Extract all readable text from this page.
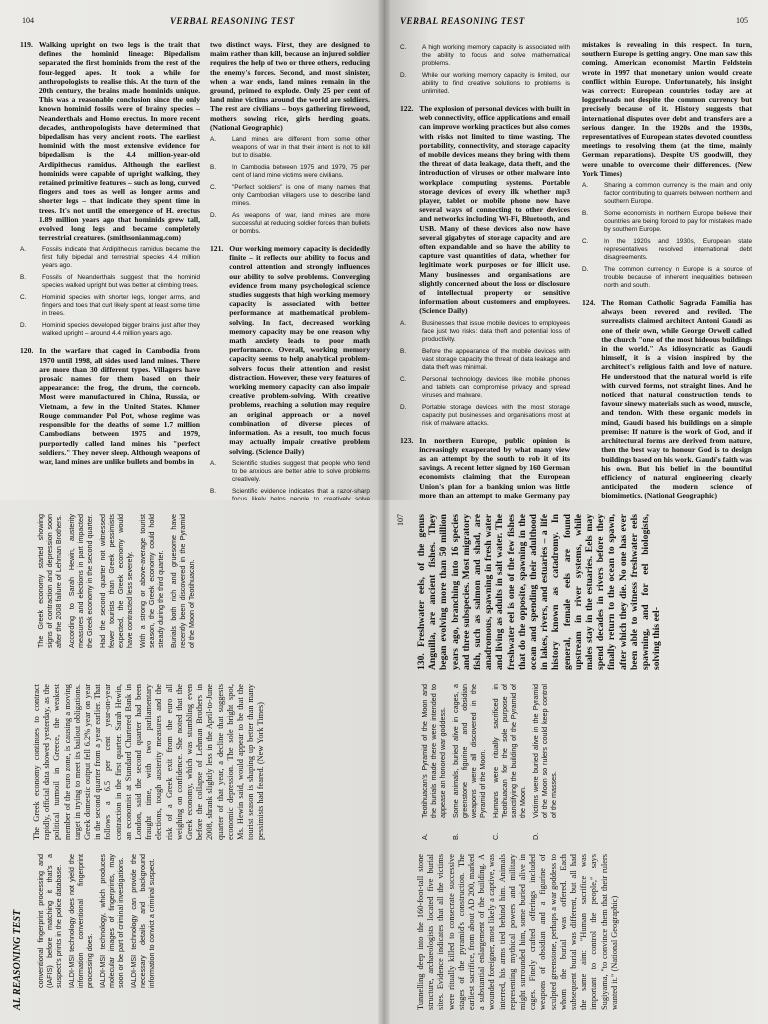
104	VERBAL REASONING TEST
119. Walking upright on two legs is the trait that defines the hominid lineage: Bipedalism separated the first hominids from the rest of the four-legged apes. It took a while for anthropologists to realise this. At the turn of the 20th century, the brains made hominids unique. This was a reasonable conclusion since the only known hominid fossils were of brainy species – Neanderthals and Homo erectus. In more recent decades, anthropologists have determined that bipedalism has very ancient roots. The earliest hominid with the most extensive evidence for bipedalism is the 4.4 million-year-old Ardipithecus ramidus. Although the earliest hominids were capable of upright walking, they retained primitive features – such as long, curved fingers and toes as well as longer arms and shorter legs – that indicate they spent time in trees. It's not until the emergence of H. erectus 1.89 million years ago that hominids grew tall, evolved long legs and became completely terrestrial creatures. (smithsonianmag.com)
A.	Fossils indicate that Ardipithecus ramidus became the first fully bipedal and terrestrial species 4.4 million years ago.
B.	Fossils of Neanderthals suggest that the hominid species walked upright but was better at climbing trees.
C.	Hominid species with shorter legs, longer arms, and fingers and toes that curl likely spent at least some time in trees.
D.	Hominid species developed bigger brains just after they walked upright – around 4.4 million years ago.
120. In the warfare that caged in Cambodia from 1970 until 1998, all sides used land mines. There are more than 30 different types. Villagers have prosaic names for them based on their appearance: the frog, the drum, the corncob. Most were manufactured in China, Russia, or Vietnam, a few in the United States. Khmer Rouge commander Pol Pot, whose regime was responsible for the deaths of some 1.7 million Cambodians between 1975 and 1979, purportedly called land mines his "perfect soldiers." They never sleep. Although weapons of war, land mines are unlike bullets and bombs in
two distinct ways. First, they are designed to maim rather than kill, because an injured soldier requires the help of two or three others, reducing the enemy's forces. Second, and most sinister, when a war ends, land mines remain in the ground, primed to explode. Only 25 per cent of land mine victims around the world are soldiers. The rest are civilians – boys gathering firewood, mothers sowing rice, girls herding goats. (National Geographic)
A.	Land mines are different from some other weapons of war in that their intent is not to kill but to disable.
B.	In Cambodia between 1975 and 1979, 75 per cent of land mine victims were civilians.
C.	"Perfect soldiers" is one of many names that only Cambodian villagers use to describe land mines.
D.	As weapons of war, land mines are more successful at reducing soldier forces than bullets or bombs.
121. Our working memory capacity is decidedly finite – it reflects our ability to focus and control attention and strongly influences our ability to solve problems. Converging evidence from many psychological science studies suggests that high working memory capacity is associated with better performance at mathematical problem-solving. In fact, decreased working memory capacity may be one reason why math anxiety leads to poor math performance. Overall, working memory capacity seems to help analytical problem-solvers focus their attention and resist distraction. However, these very features of working memory capacity can also impair creative problem-solving. With creative problems, reaching a solution may require an original approach or a novel combination of diverse pieces of information. As a result, too much focus may actually impair creative problem solving. (Science Daily)
A.	Scientific studies suggest that people who tend to be anxious are better able to solve problems creatively.
B.	Scientific evidence indicates that a razor-sharp
VERBAL REASONING TEST	105
C.	A high working memory capacity is associated with the ability to focus and solve mathematical problems.
D.	While our working memory capacity is limited, our ability to find creative solutions to problems is unlimited.
122. The explosion of personal devices with built in web connectivity, office applications and email can improve working practices but also comes with risks not limited to time wasting. The portability, connectivity, and storage capacity of mobile devices means they bring with them the threat of data leakage, data theft, and the introduction of viruses or other malware into workplace computing systems. Portable storage devices of every ilk whether mp3 player, tablet or mobile phone now have several ways of connecting to other devices and networks including Wi-Fi, Bluetooth, and USB. Many of these devices also now have several gigabytes of storage capacity and are often expandable and so have the ability to capture vast quantities of data, whether for legitimate work purposes or for illicit use. Many businesses and organisations are slightly concerned about the loss or disclosure of intellectual property or sensitive information about customers and employees. (Science Daily)
A.	Businesses that issue mobile devices to employees face just two risks: data theft and potential loss of productivity.
B.	Before the appearance of the mobile devices with vast storage capacity the threat of data leakage and data theft was minimal.
C.	Personal technology devices like mobile phones and tablets can compromise privacy and spread viruses and malware.
D.	Portable storage devices with the most storage capacity put businesses and organisations most at risk of malware attacks.
123. In northern Europe, public opinion is increasingly exasperated by what many view as an attempt by the south to rob it of its savings. A recent letter signed by 160 German economists claiming that the European Union's plan for a banking union was little more than an attempt to make Germany pay
mistakes is revealing in this respect. In turn, southern Europe is getting angry. One man saw this coming. American economist Martin Feldstein wrote in 1997 that monetary union would create conflict within Europe. Unfortunately, his insight was correct: European countries today are at loggerheads not despite the common currency but precisely because of it. History suggests that international disputes over debt and transfers are a serious danger. In the 1920s and the 1930s, representatives of European states devoted countless meetings to resolving them (at the time, mainly German reparations). Despite US goodwill, they were unable to overcome their differences. (New York Times)
A.	Sharing a common currency is the main and only factor contributing to quarrels between northern and southern Europe.
B.	Some economists in northern Europe believe their countries are being forced to pay for mistakes made by southern Europe.
C.	In the 1920s and 1930s, European state representatives resolved international debt disagreements.
D.	The common currency n Europe is a source of trouble because of inherent inequalities between north and south.
124. The Roman Catholic Sagrada Família has always been revered and reviled. The surrealists claimed architect Antoni Gaudí as one of their own, while George Orwell called the church "one of the most hideous buildings in the world." As idiosyncratic as Gaudí himself, it is a vision inspired by the architect's religious faith and love of nature. He understood that the natural world is rife with curved forms, not straight lines. And he noticed that natural construction tends to favour sinewy materials such as wood, muscle, and tendon. With these organic models in mind, Gaudí based his buildings on a simple premise: If nature is the work of God, and if architectural forms are derived from nature, then the best way to honour God is to design buildings based on his work. Gaudí's faith was his own. But his belief in the bountiful efficiency of natural engineering clearly anticipated the modern science of biomimetics. (National Geographic)
AL REASONING TEST conventional fingerprint processing and (IAFIS) before matching it that's a suspect's prints in the police database. IALDI-MSI technology does not yield the information conventional fingerprint processing does. IALDI-MSI technology, which produces molecular images of fingerprints, may soon or be part of criminal investigations. IALDI-MSI technology can provide the necessary details and background information to convict a criminal suspect.
The Greek economy continues to contract rapidly, official data showed yesterday, as the political turmoil in Greece, the weakest member of the euro zone, is causing a moving target in trying to meet its bailout obligations. Greek domestic output fell 6.2% year on year in the second quarter from a year earlier. That follows a 6.5 per cent year-on-year contraction in the first quarter. Sarah Hewin, an economist at Standard Chartered Bank in London, said the second quarter had been fraught time, with two parliamentary elections, tough austerity measures and the risk of a Greek exit from the euro all weighing on confidence. She noted that the Greek economy, which was stumbling even before the collapse of Lehman Brothers in 2008, shrank slightly less in the April-to-June quarter of that year, a decline that suggests economic depression. The sole bright spot, Ms. Hewin said, would appear to be that the tourist season is shaping up better than many pessimists had feared. (New York Times)
The Greek economy started showing signs of contraction and depression soon after the 2008 failure of Lehman Brothers. According to Sarah Hewin, austerity measures and elections in part impacted the Greek economy in the second quarter. Had the second quarter not witnessed fewer tourists than Greek pessimists expected, the Greek economy would have contracted less severely. With a strong or above-average tourist season, the Greek economy could hold steady during the third quarter. Burials both rich and gruesome have recently been discovered in the Pyramid of the Moon of Teotihuacan.
107
Tunnelling deep into the 160-foot-tall stone structure, archaeologists located five burial sites. Evidence indicates that all the victims were ritually killed to consecrate successive stages of the pyramid's construction. The earliest sacrifice, from about AD 200, marked a substantial enlargement of the building. A wounded foreigner, most likely a captive, was interred, his arms tied behind him. Animals representing mythical powers and military might surrounded him, some buried alive in cages. Finely crafted offerings included weapons of obsidian and a figurine of sculpted greenstone, perhaps a war goddess to whom the burial was offered. Each subsequent burial was different, but all had the same aim: "Human sacrifice was important to control the people," says Sugiyama, "to convince them that their rulers wanted it." (National Geographic)
A.
Teotihuacan's Pyramid of the Moon and the burials made there were intended to appease an honored war goddess.
B.
Some animals, buried alive in cages, a greenstone figurine and obsidian weapons were all discovered in the Pyramid of the Moon.
C.
Humans were ritually sacrificed in Teotihuacan for the sole purpose of sanctifying the building of the Pyramid of the Moon.
D.
Victims were buried alive in the Pyramid of the Moon so rulers could keep control of the masses.
130. Freshwater eels, of the genus Anguilla, are ancient fishes. They began evolving more than 50 million years ago, branching into 16 species and three subspecies. Most migratory fish, such as salmon and shad, are anadromous, spawning in fresh water and living as adults in salt water. The freshwater eel is one of the few fishes that do the opposite, spawning in the ocean and spending their adulthood in lakes, rivers, and estuaries – a life history known as catadromy. In general, female eels are found upstream in river systems, while males stay in the estuaries. Eels may spend decades in rivers before they finally return to the ocean to spawn, after which they die. No one has ever been able to witness freshwater eels spawning, and for eel biologists, solving this eel-
